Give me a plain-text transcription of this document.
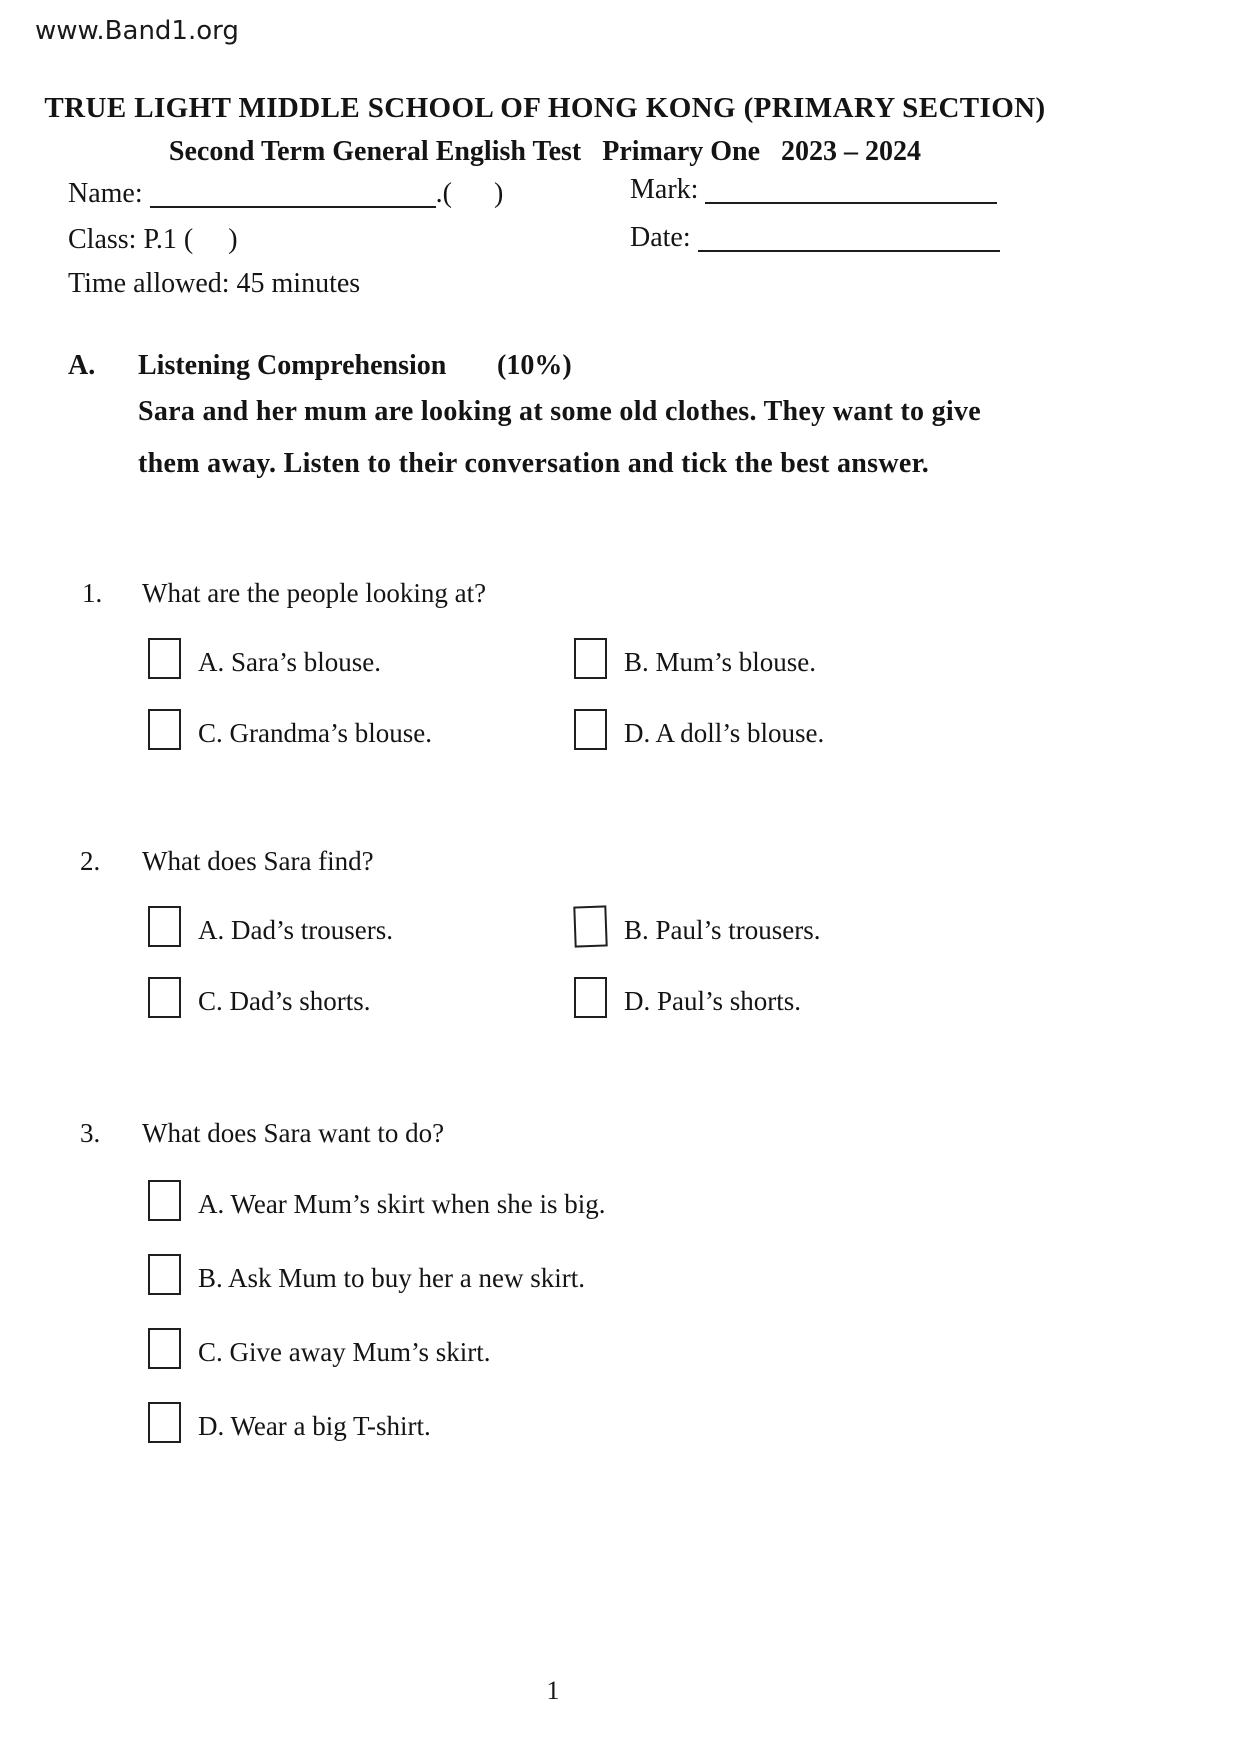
www.Band1.org
TRUE LIGHT MIDDLE SCHOOL OF HONG KONG (PRIMARY SECTION)
Second Term General English Test   Primary One   2023 – 2024
Name:	.(      )	Mark:
Class: P.1 (     )	Date:
Time allowed: 45 minutes
A. Listening Comprehension (10%)
Sara and her mum are looking at some old clothes. They want to give
them away. Listen to their conversation and tick the best answer.
1. What are the people looking at?
A. Sara’s blouse.	B. Mum’s blouse.
C. Grandma’s blouse.	D. A doll’s blouse.
2. What does Sara find?
A. Dad’s trousers.	B. Paul’s trousers.
C. Dad’s shorts.	D. Paul’s shorts.
3. What does Sara want to do?
A. Wear Mum’s skirt when she is big.
B. Ask Mum to buy her a new skirt.
C. Give away Mum’s skirt.
D. Wear a big T-shirt.
1
